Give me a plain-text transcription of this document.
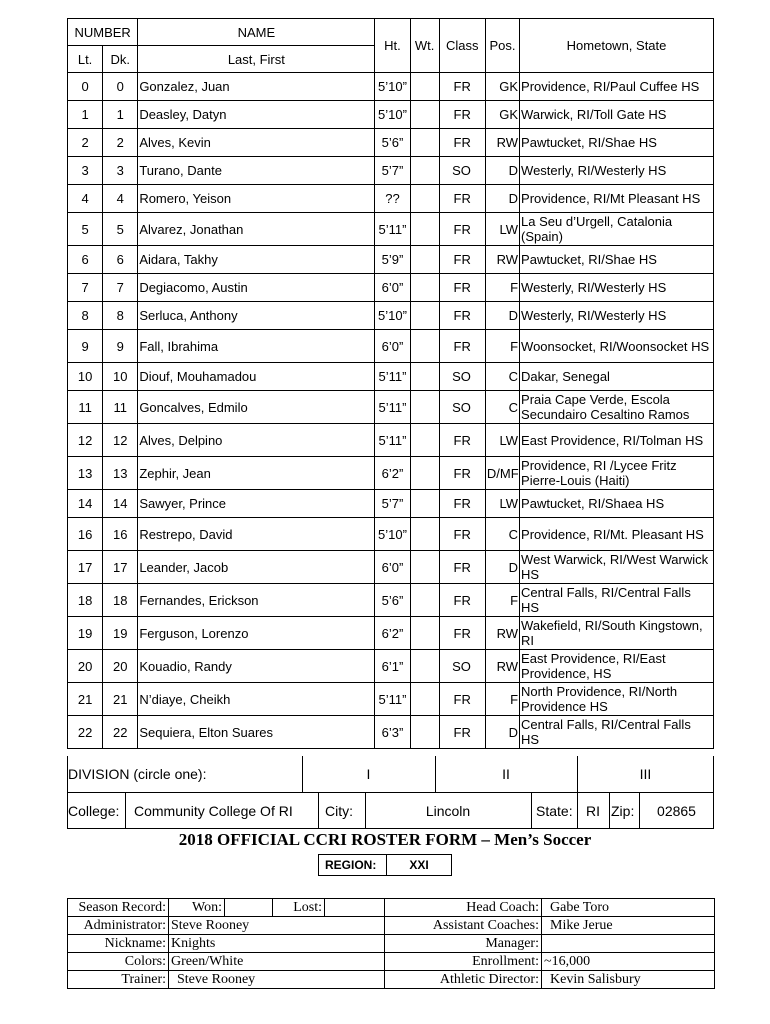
NUMBER		NAME	Ht.	Wt.	Class	Pos.	Hometown, State
Lt.	Dk.	Last, First					
0	0	Gonzalez, Juan	5’10”		FR	GK	Providence, RI/Paul Cuffee HS
1	1	Deasley, Datyn	5’10”		FR	GK	Warwick, RI/Toll Gate HS
2	2	Alves, Kevin	5’6”		FR	RW	Pawtucket, RI/Shae HS
3	3	Turano, Dante	5’7”		SO	D	Westerly, RI/Westerly HS
4	4	Romero, Yeison	??		FR	D	Providence, RI/Mt Pleasant HS
5	5	Alvarez, Jonathan	5’11”		FR	LW	La Seu d’Urgell, Catalonia (Spain)
6	6	Aidara, Takhy	5’9”		FR	RW	Pawtucket, RI/Shae HS
7	7	Degiacomo, Austin	6’0”		FR	F	Westerly, RI/Westerly HS
8	8	Serluca, Anthony	5’10”		FR	D	Westerly, RI/Westerly HS
9	9	Fall, Ibrahima	6’0”		FR	F	Woonsocket, RI/Woonsocket HS
10	10	Diouf, Mouhamadou	5’11”		SO	C	Dakar, Senegal
11	11	Goncalves, Edmilo	5’11”		SO	C	Praia Cape Verde, Escola Secundairo Cesaltino Ramos
12	12	Alves, Delpino	5’11”		FR	LW	East Providence, RI/Tolman HS
13	13	Zephir, Jean	6’2”		FR	D/MF	Providence, RI /Lycee Fritz Pierre-Louis (Haiti)
14	14	Sawyer, Prince	5’7”		FR	LW	Pawtucket, RI/Shaea HS
16	16	Restrepo, David	5’10”		FR	C	Providence, RI/Mt. Pleasant HS
17	17	Leander, Jacob	6’0”		FR	D	West Warwick, RI/West Warwick HS
18	18	Fernandes, Erickson	5’6”		FR	F	Central Falls, RI/Central Falls HS
19	19	Ferguson, Lorenzo	6’2”		FR	RW	Wakefield, RI/South Kingstown, RI
20	20	Kouadio, Randy	6’1”		SO	RW	East Providence, RI/East Providence, HS
21	21	N’diaye, Cheikh	5’11”		FR	F	North Providence, RI/North Providence HS
22	22	Sequiera, Elton Suares	6’3”		FR	D	Central Falls, RI/Central Falls HS
DIVISION (circle one):	I	II	III
College: Community College Of RI City:	Lincoln	State: RI Zip:	02865
2018 OFFICIAL CCRI ROSTER FORM – Men’s Soccer
REGION:	XXI
Season Record:	Won:		Lost:		Head Coach:	Gabe Toro
Administrator:	Steve Rooney				Assistant Coaches:	Mike Jerue
Nickname:	Knights				Manager:	
Colors:	Green/White				Enrollment:	~16,000
Trainer:	Steve Rooney				Athletic Director:	Kevin Salisbury
